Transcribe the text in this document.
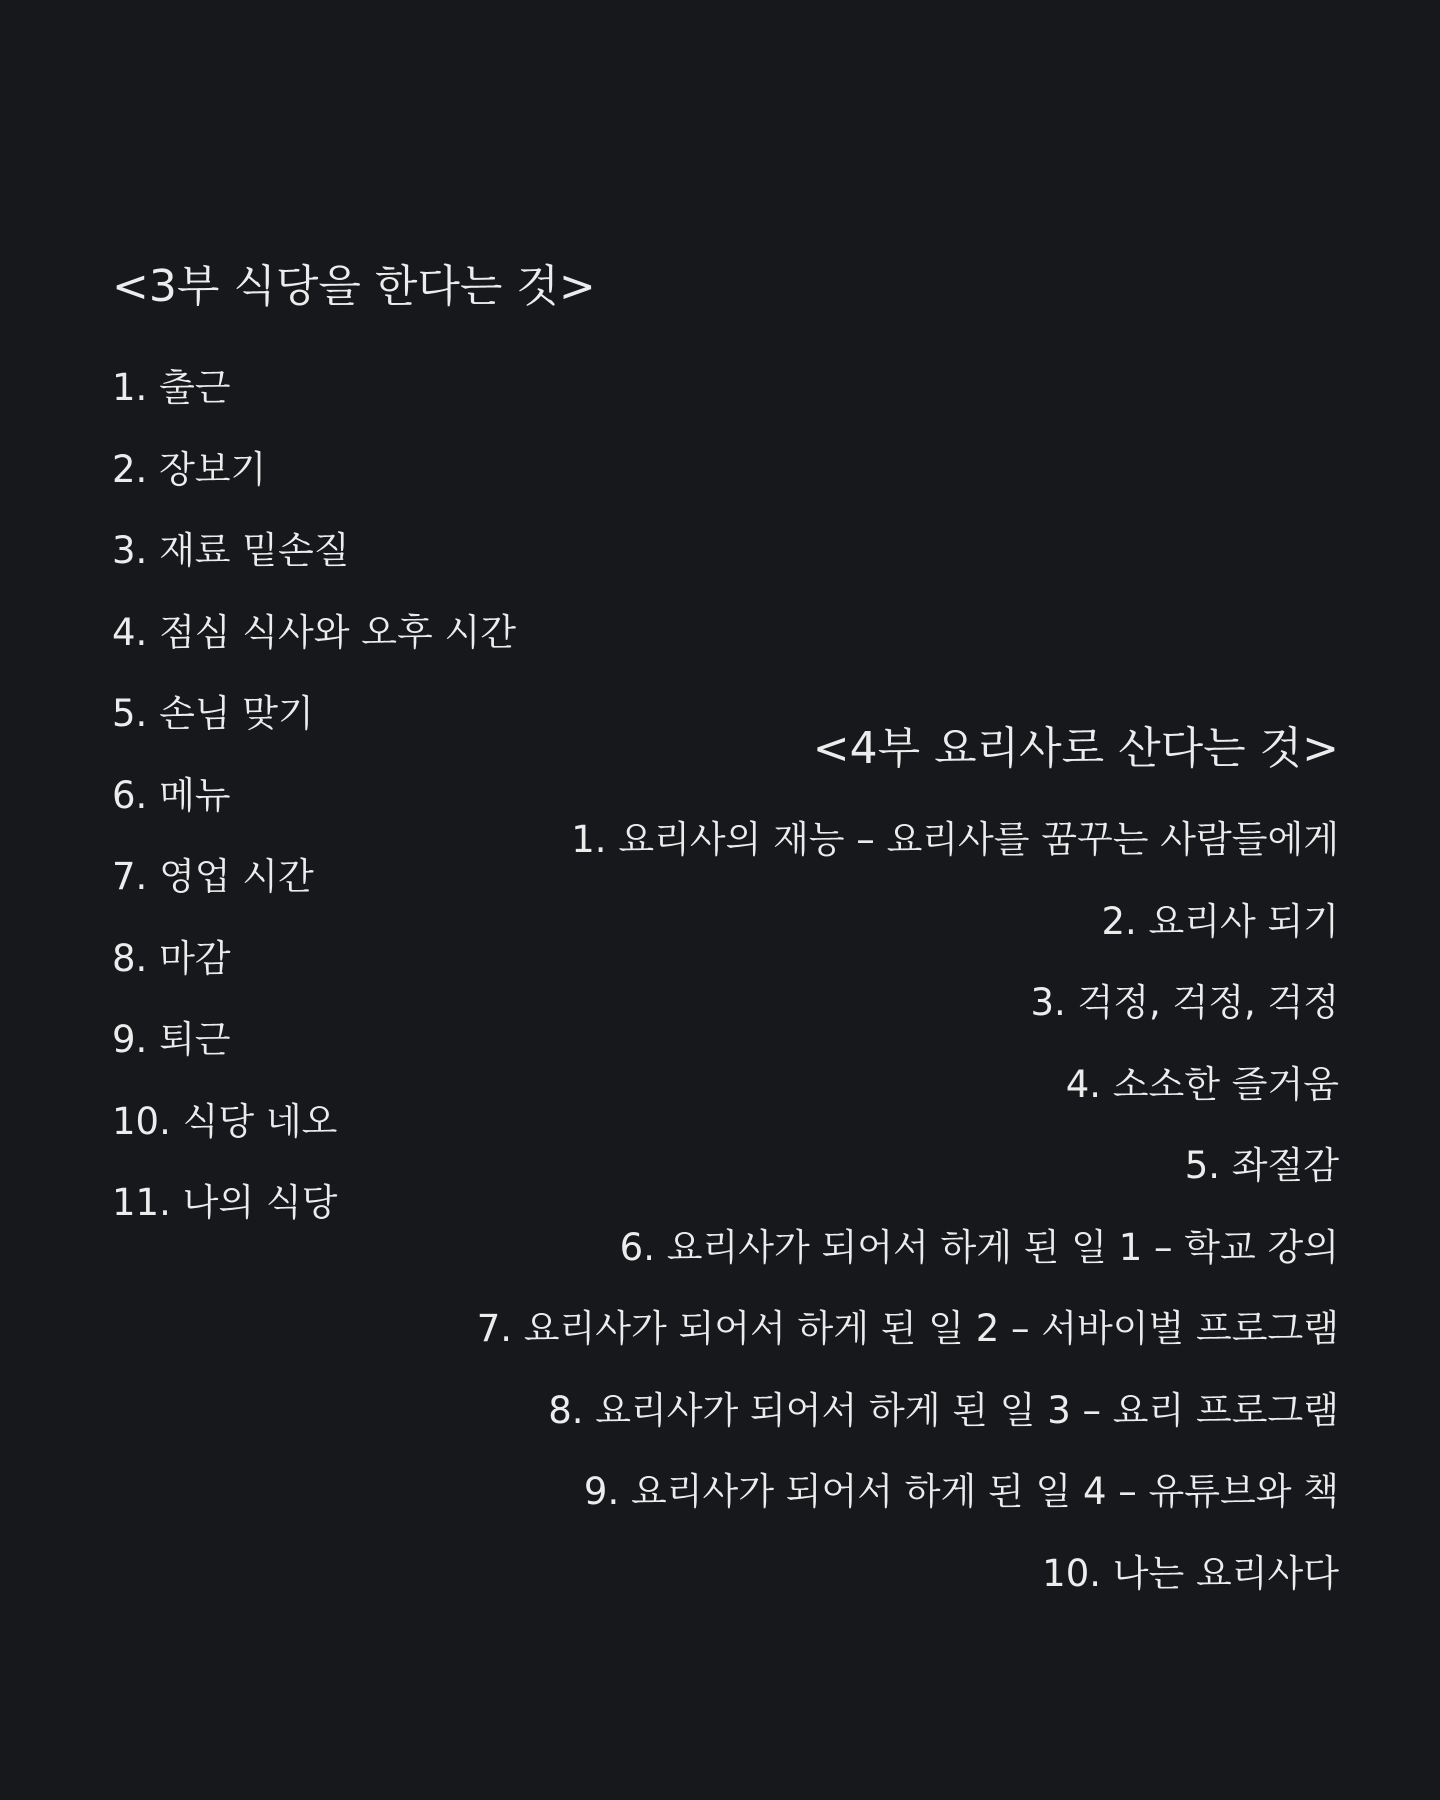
<3부 식당을 한다는 것>
1. 출근
2. 장보기
3. 재료 밑손질
4. 점심 식사와 오후 시간
5. 손님 맞기
6. 메뉴
7. 영업 시간
8. 마감
9. 퇴근
10. 식당 네오
11. 나의 식당
<4부 요리사로 산다는 것>
1. 요리사의 재능 – 요리사를 꿈꾸는 사람들에게
2. 요리사 되기
3. 걱정, 걱정, 걱정
4. 소소한 즐거움
5. 좌절감
6. 요리사가 되어서 하게 된 일 1 – 학교 강의
7. 요리사가 되어서 하게 된 일 2 – 서바이벌 프로그램
8. 요리사가 되어서 하게 된 일 3 – 요리 프로그램
9. 요리사가 되어서 하게 된 일 4 – 유튜브와 책
10. 나는 요리사다
